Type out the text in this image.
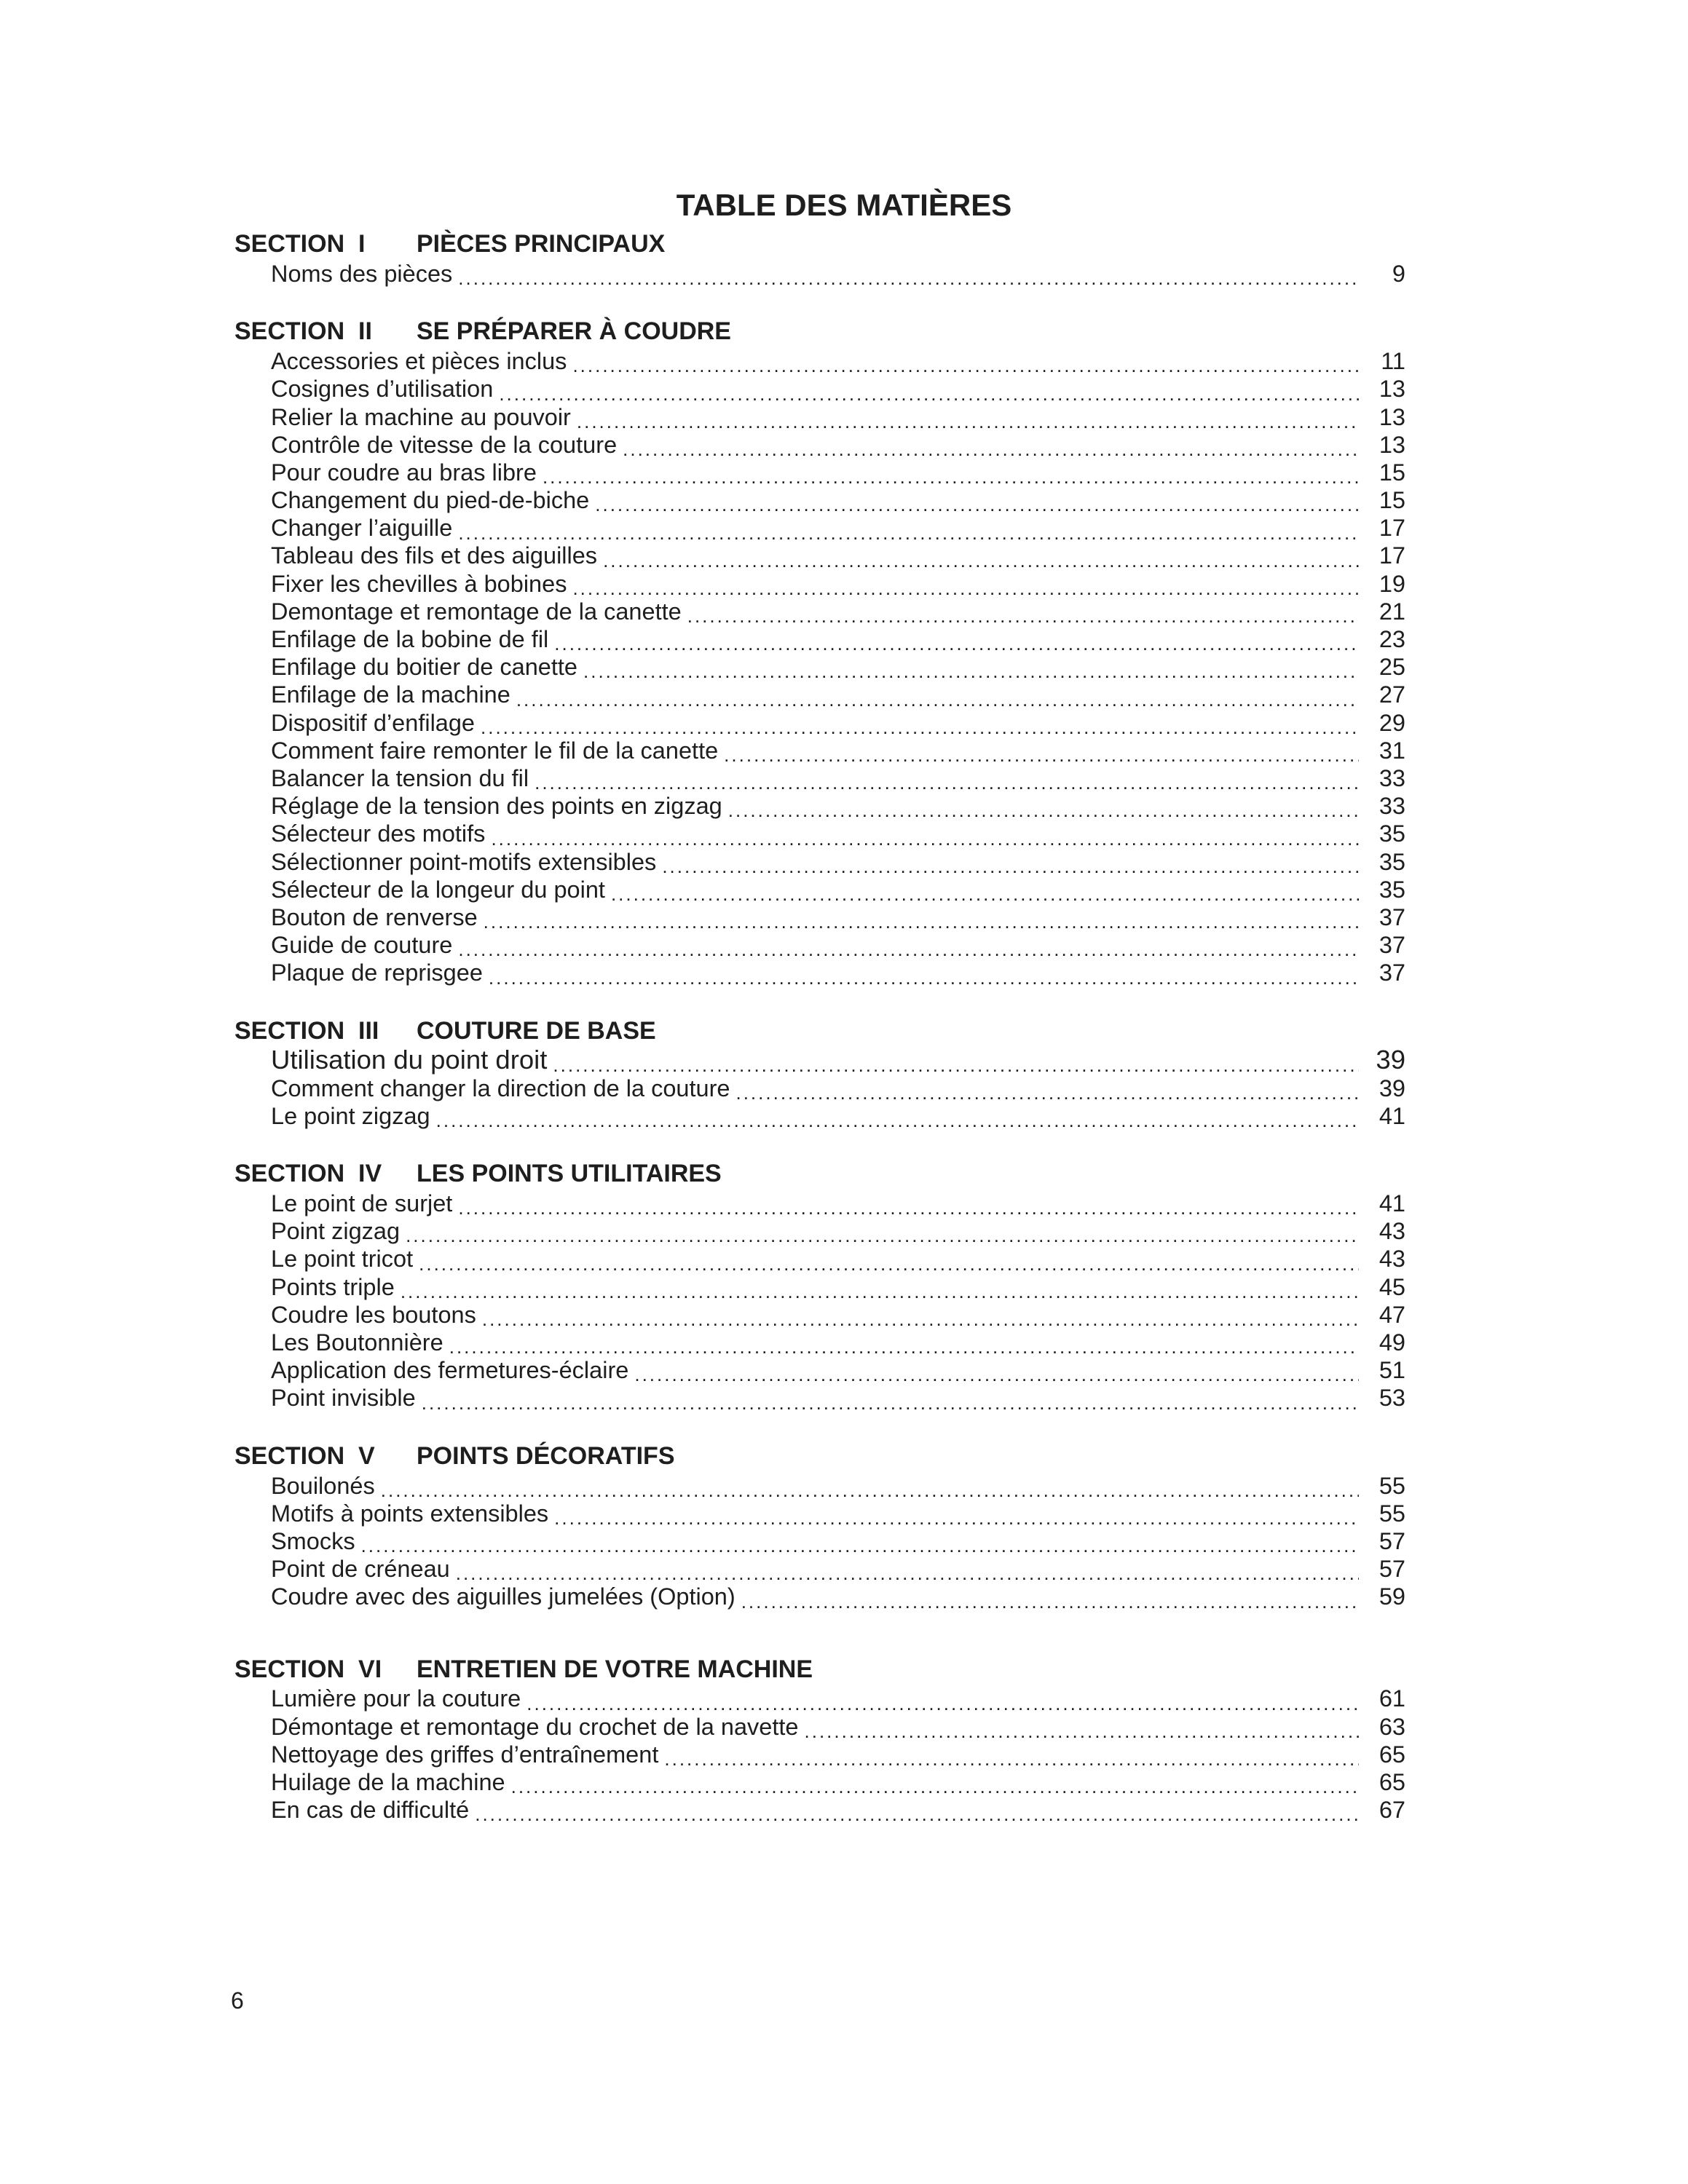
TABLE DES MATIÈRES
SECTION  I	PIÈCES PRINCIPAUX
Noms des pièces .....	9
SECTION  II	SE PRÉPARER À COUDRE
Accessories et pièces inclus .....	11
Cosignes d’utilisation .....	13
Relier la machine au pouvoir .....	13
Contrôle de vitesse de la couture .....	13
Pour coudre au bras libre .....	15
Changement du pied-de-biche .....	15
Changer l’aiguille .....	17
Tableau des fils et des aiguilles .....	17
Fixer les chevilles à bobines .....	19
Demontage et remontage de la canette .....	21
Enfilage de la bobine de fil .....	23
Enfilage du boitier de canette .....	25
Enfilage de la machine .....	27
Dispositif d’enfilage .....	29
Comment faire remonter le fil de la canette .....	31
Balancer la tension du fil .....	33
Réglage de la tension des points en zigzag .....	33
Sélecteur des motifs .....	35
Sélectionner point-motifs extensibles .....	35
Sélecteur de la longeur du point .....	35
Bouton de renverse .....	37
Guide de couture .....	37
Plaque de reprisgee .....	37
SECTION  III	COUTURE DE BASE
Utilisation du point droit .....	39
Comment changer la direction de la couture .....	39
Le point zigzag .....	41
SECTION  IV	LES POINTS UTILITAIRES
Le point de surjet .....	41
Point zigzag .....	43
Le point tricot .....	43
Points triple .....	45
Coudre les boutons .....	47
Les Boutonnière .....	49
Application des fermetures-éclaire .....	51
Point invisible .....	53
SECTION  V	POINTS DÉCORATIFS
Bouilonés .....	55
Motifs à points extensibles .....	55
Smocks .....	57
Point de créneau .....	57
Coudre avec des aiguilles jumelées (Option) .....	59
SECTION  VI	ENTRETIEN DE VOTRE MACHINE
Lumière pour la couture .....	61
Démontage et remontage du crochet de la navette .....	63
Nettoyage des griffes d’entraînement .....	65
Huilage de la machine .....	65
En cas de difficulté .....	67
6
